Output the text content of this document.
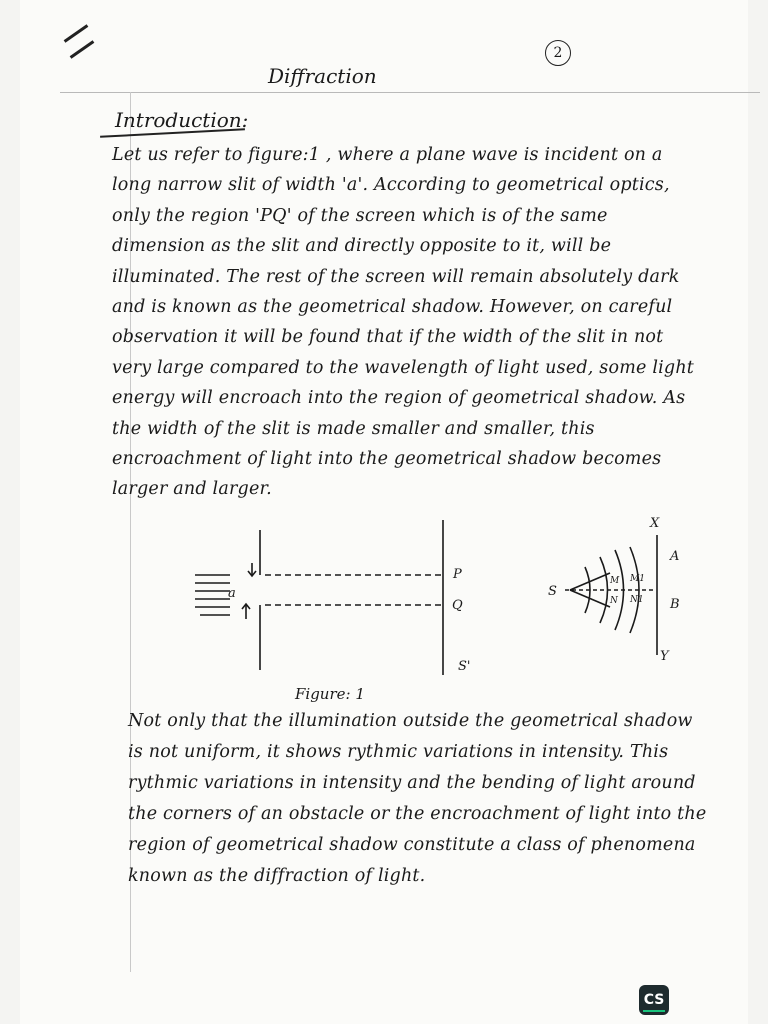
2
Diffraction
Introduction:
Let us refer to figure:1 , where a plane wave is incident on a long narrow slit of width 'a'. According to geometrical optics, only the region 'PQ' of the screen which is of the same dimension as the slit and directly opposite to it, will be illuminated. The rest of the screen will remain absolutely dark and is known as the geometrical shadow. However, on careful observation it will be found that if the width of the slit in not very large compared to the wavelength of light used, some light energy will encroach into the region of geometrical shadow. As the width of the slit is made smaller and smaller, this encroachment of light into the geometrical shadow becomes larger and larger.
a
P
Q
S'
S
X
Y
A
B
M
N
M1
N1
Figure: 1
Not only that the illumination outside the geometrical shadow is not uniform, it shows rythmic variations in intensity. This rythmic variations in intensity and the bending of light around the corners of an obstacle or the encroachment of light into the region of geometrical shadow constitute a class of phenomena known as the diffraction of light.
CS
